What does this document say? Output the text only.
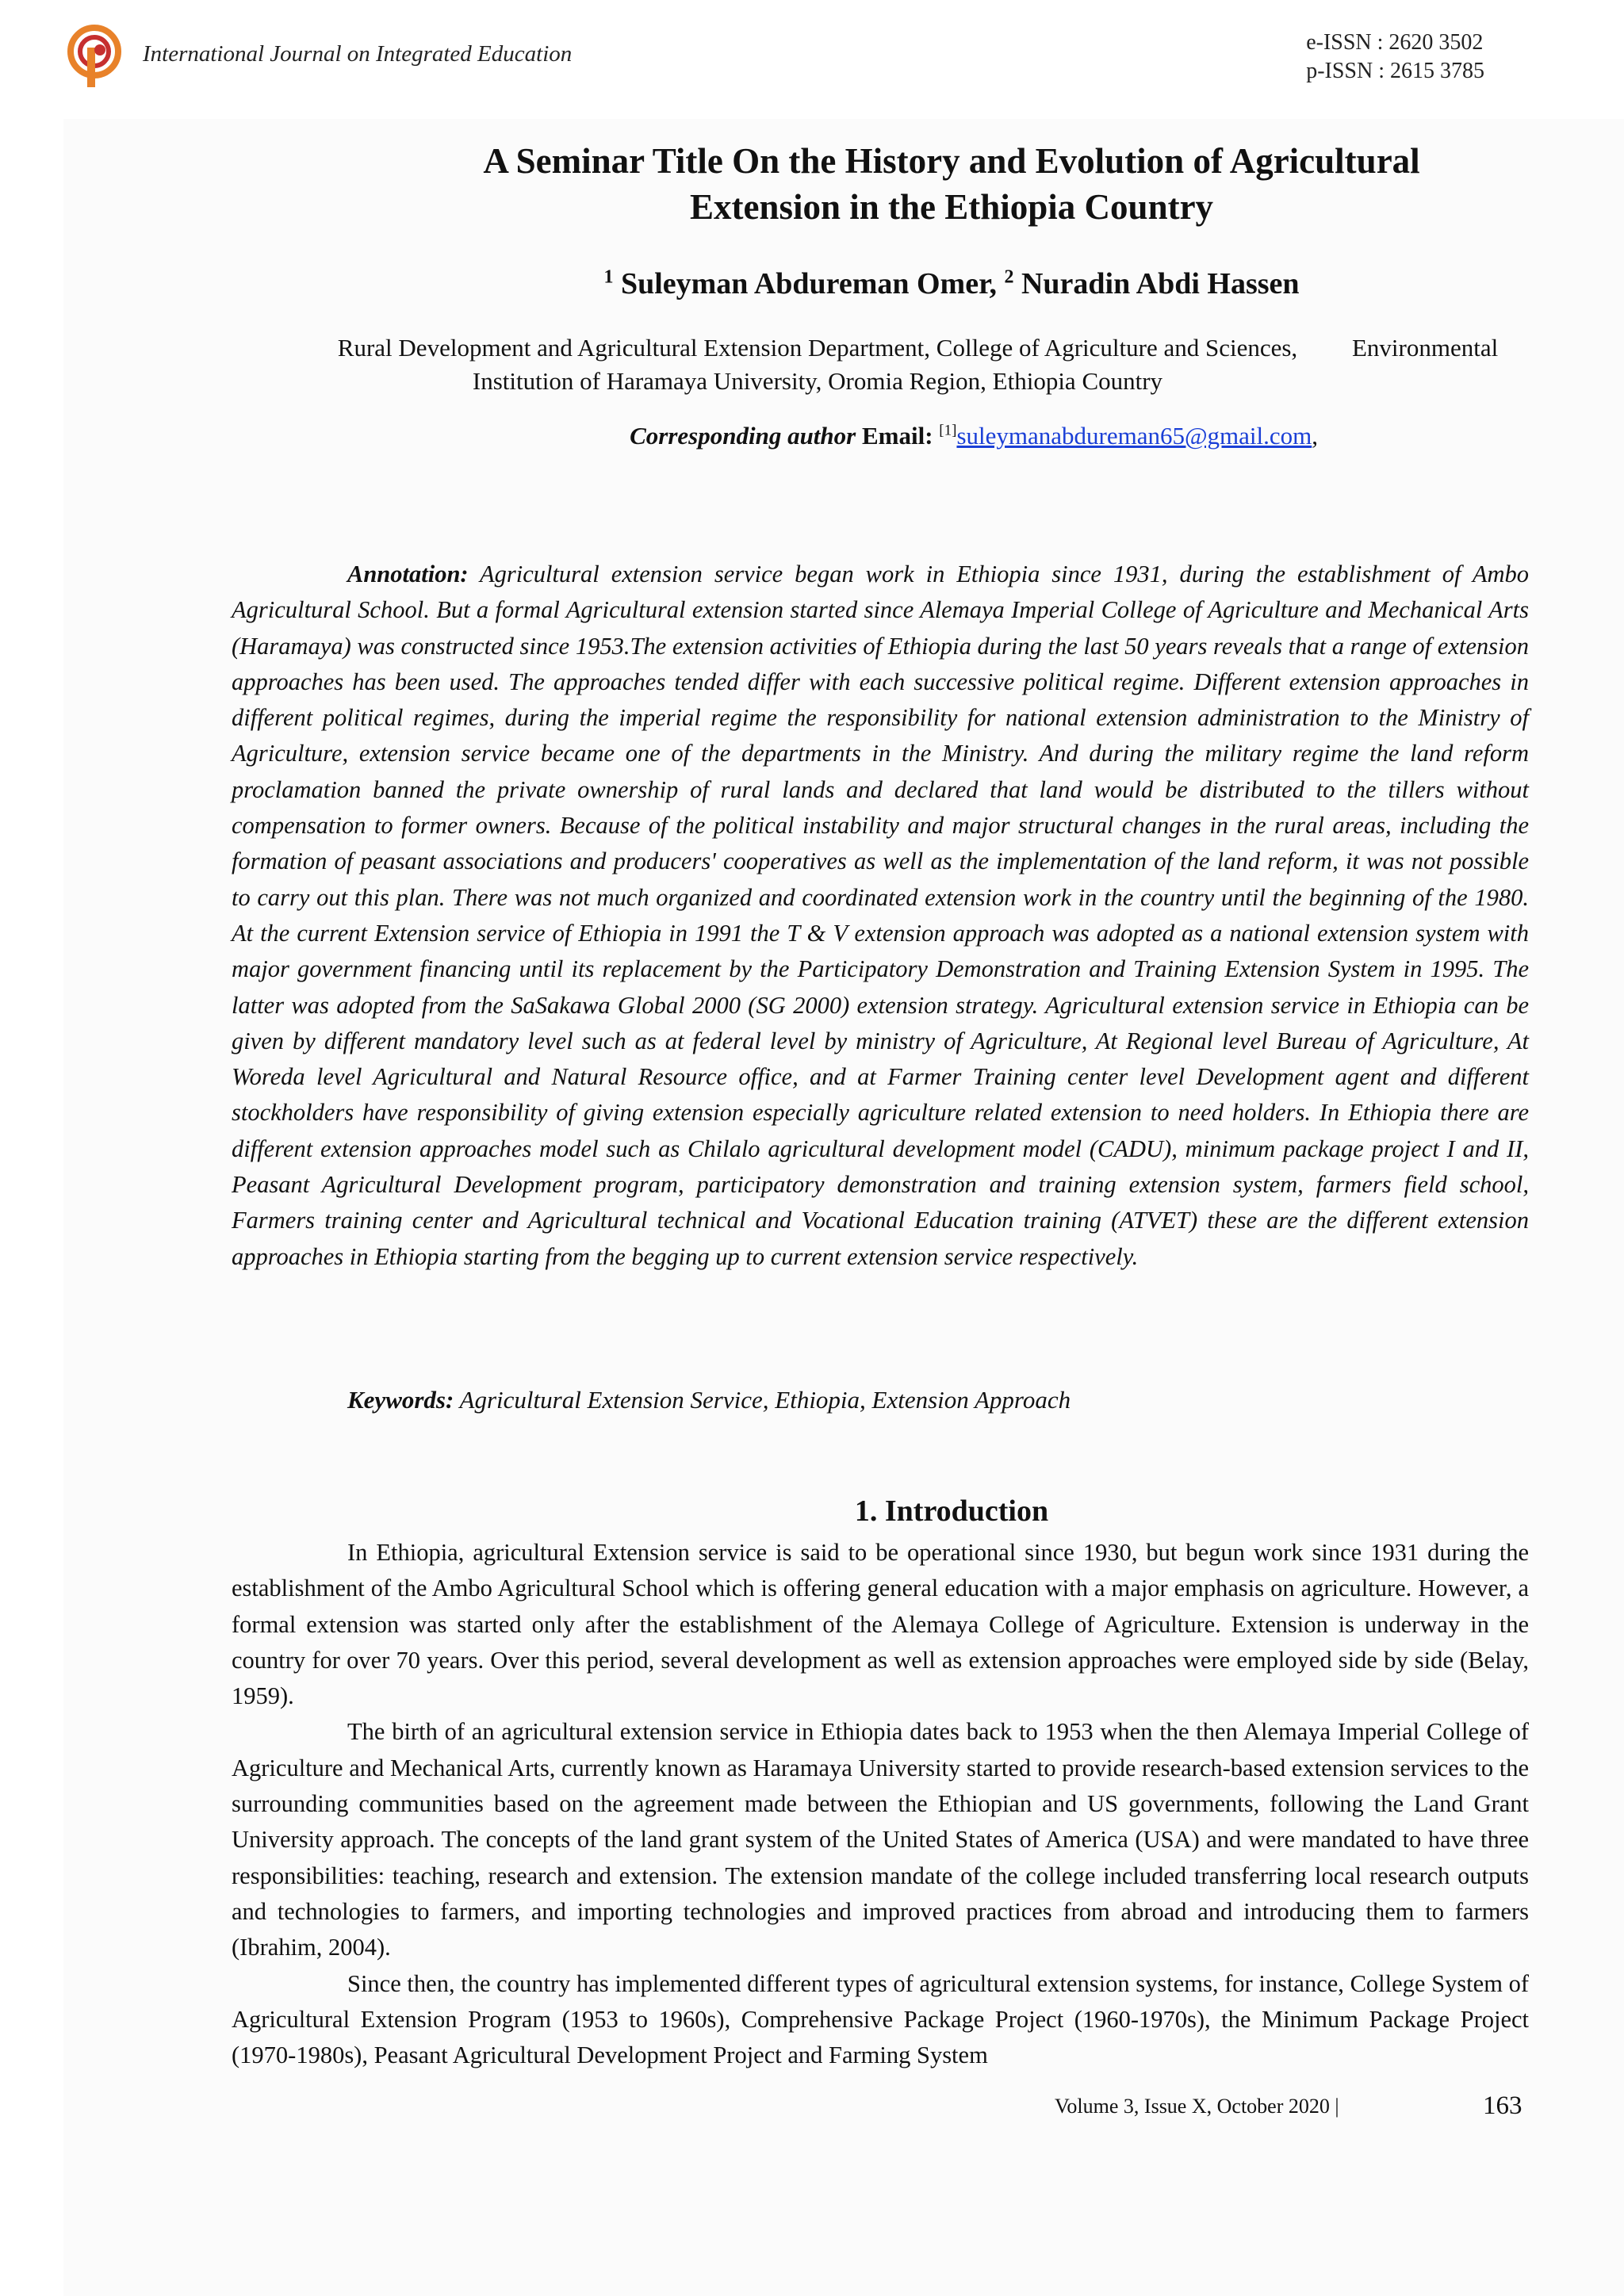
International Journal on Integrated Education	e-ISSN : 2620 3502
p-ISSN : 2615 3785
A Seminar Title On the History and Evolution of Agricultural
Extension in the Ethiopia Country
$^1$ Suleyman Abdureman Omer, $^2$ Nuradin Abdi Hassen
Rural Development and Agricultural Extension Department, College of Agriculture and Sciences, Institution of Haramaya University, Oromia Region, Ethiopia Country
Environmental
Corresponding author Email: [1]suleymanabdureman65@gmail.com,

Annotation: Agricultural extension service began work in Ethiopia since 1931, during the establishment of Ambo Agricultural School. But a formal Agricultural extension started since Alemaya Imperial College of Agriculture and Mechanical Arts (Haramaya) was constructed since 1953.The extension activities of Ethiopia during the last 50 years reveals that a range of extension approaches has been used. The approaches tended differ with each successive political regime. Different extension approaches in different political regimes, during the imperial regime the responsibility for national extension administration to the Ministry of Agriculture, extension service became one of the departments in the Ministry. And during the military regime the land reform proclamation banned the private ownership of rural lands and declared that land would be distributed to the tillers without compensation to former owners. Because of the political instability and major structural changes in the rural areas, including the formation of peasant associations and producers' cooperatives as well as the implementation of the land reform, it was not possible to carry out this plan. There was not much organized and coordinated extension work in the country until the beginning of the 1980. At the current Extension service of Ethiopia in 1991 the T & V extension approach was adopted as a national extension system with major government financing until its replacement by the Participatory Demonstration and Training Extension System in 1995. The latter was adopted from the SaSakawa Global 2000 (SG 2000) extension strategy. Agricultural extension service in Ethiopia can be given by different mandatory level such as at federal level by ministry of Agriculture, At Regional level Bureau of Agriculture, At Woreda level Agricultural and Natural Resource office, and at Farmer Training center level Development agent and different stockholders have responsibility of giving extension especially agriculture related extension to need holders. In Ethiopia there are different extension approaches model such as Chilalo agricultural development model (CADU), minimum package project I and II, Peasant Agricultural Development program, participatory demonstration and training extension system, farmers field school, Farmers training center and Agricultural technical and Vocational Education training (ATVET) these are the different extension approaches in Ethiopia starting from the begging up to current extension service respectively.

Keywords: Agricultural Extension Service, Ethiopia, Extension Approach
1. Introduction

In Ethiopia, agricultural Extension service is said to be operational since 1930, but begun work since 1931 during the establishment of the Ambo Agricultural School which is offering general education with a major emphasis on agriculture. However, a formal extension was started only after the establishment of the Alemaya College of Agriculture. Extension is underway in the country for over 70 years. Over this period, several development as well as extension approaches were employed side by side (Belay, 1959).

The birth of an agricultural extension service in Ethiopia dates back to 1953 when the then Alemaya Imperial College of Agriculture and Mechanical Arts, currently known as Haramaya University started to provide research-based extension services to the surrounding communities based on the agreement made between the Ethiopian and US governments, following the Land Grant University approach. The concepts of the land grant system of the United States of America (USA) and were mandated to have three responsibilities: teaching, research and extension. The extension mandate of the college included transferring local research outputs and technologies to farmers, and importing technologies and improved practices from abroad and introducing them to farmers (Ibrahim, 2004).

Since then, the country has implemented different types of agricultural extension systems, for instance, College System of Agricultural Extension Program (1953 to 1960s), Comprehensive Package Project (1960-1970s), the Minimum Package Project (1970-1980s), Peasant Agricultural Development Project and Farming System

Volume 3, Issue X, October 2020 |	163
